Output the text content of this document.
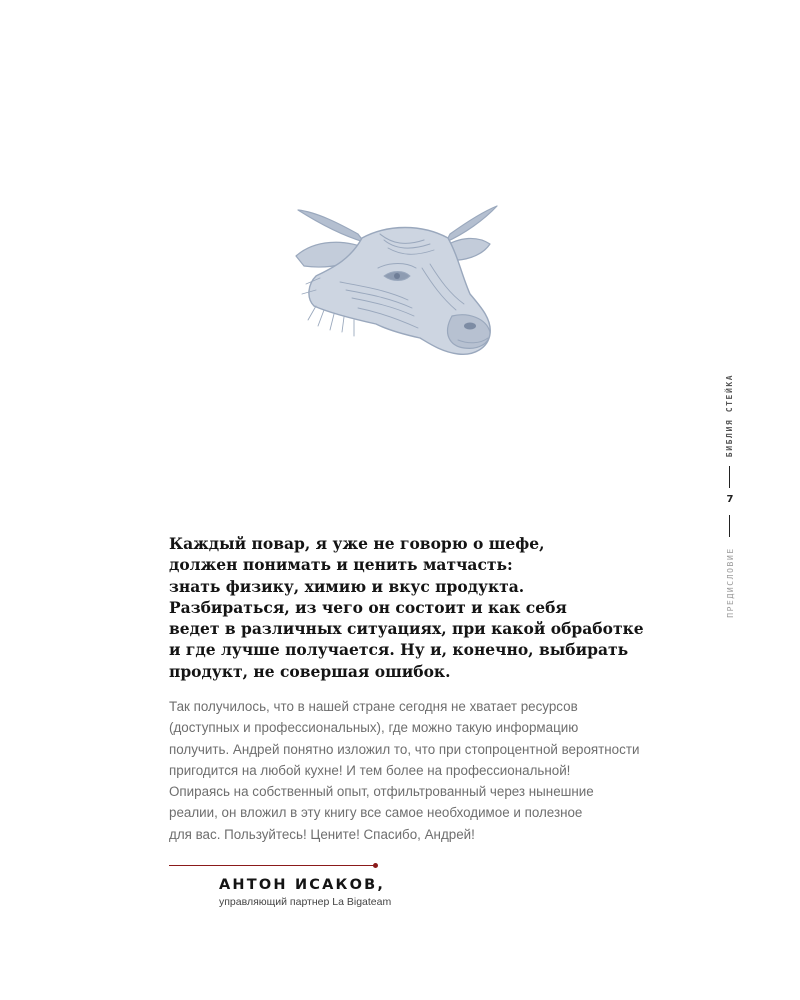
Каждый повар, я уже не говорю о шефе,
должен понимать и ценить матчасть:
знать физику, химию и вкус продукта.
Разбираться, из чего он состоит и как себя
ведет в различных ситуациях, при какой обработке
и где лучше получается. Ну и, конечно, выбирать
продукт, не совершая ошибок.

Так получилось, что в нашей стране сегодня не хватает ресурсов
(доступных и профессиональных), где можно такую информацию
получить. Андрей понятно изложил то, что при стопроцентной вероятности
пригодится на любой кухне! И тем более на профессиональной!
Опираясь на собственный опыт, отфильтрованный через нынешние
реалии, он вложил в эту книгу все самое необходимое и полезное
для вас. Пользуйтесь! Цените! Спасибо, Андрей!

АНТОН ИСАКОВ,

управляющий партнер La Bigateam

БИБЛИЯ СТЕЙКА
7
ПРЕДИСЛОВИЕ
